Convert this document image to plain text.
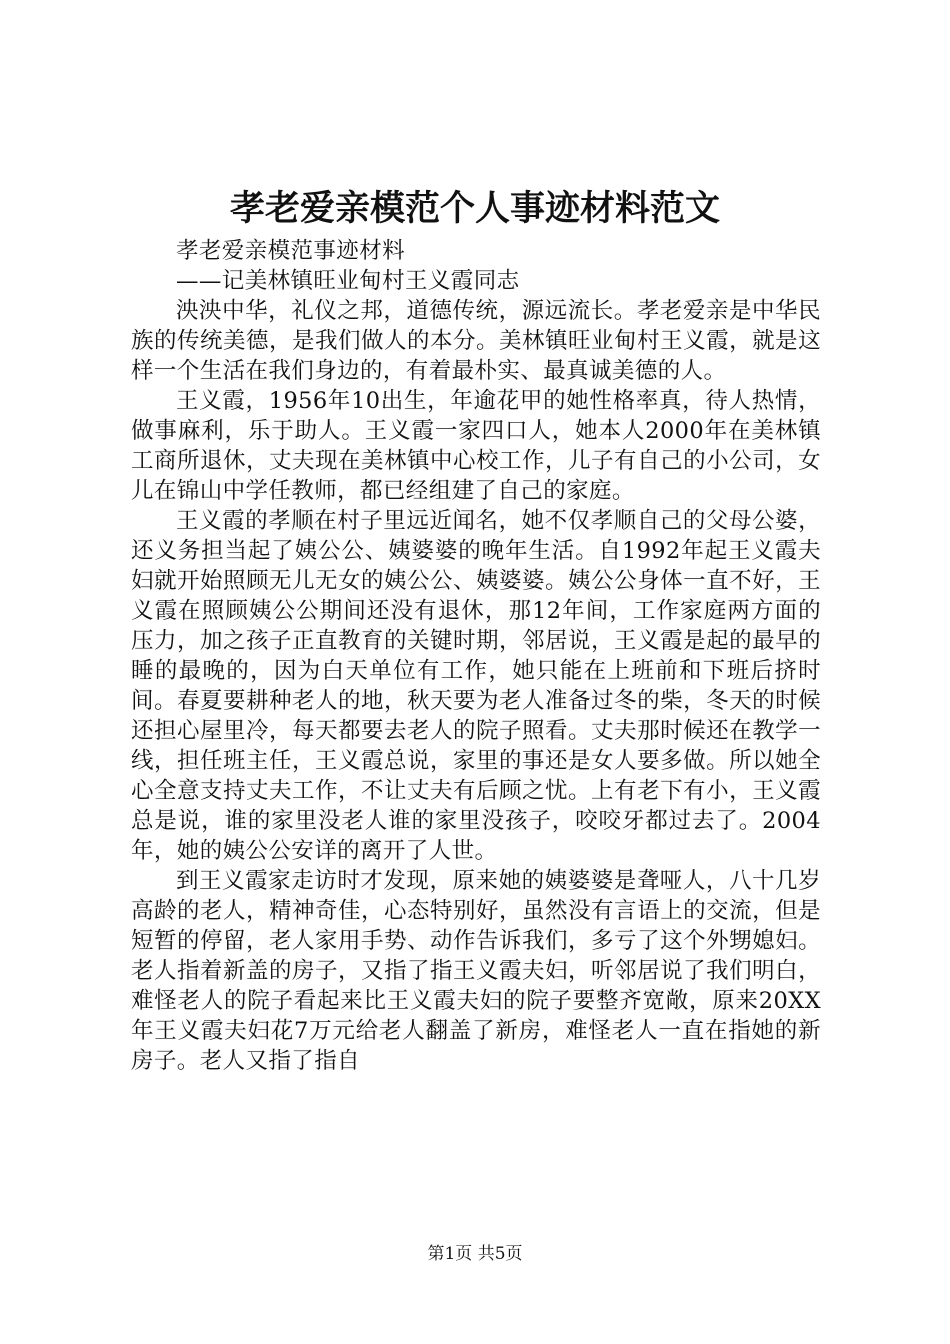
孝老爱亲模范个人事迹材料范文

孝老爱亲模范事迹材料

——记美林镇旺业甸村王义霞同志

泱泱中华，礼仪之邦，道德传统，源远流长。孝老爱亲是中华民族的传统美德，是我们做人的本分。美林镇旺业甸村王义霞，就是这样一个生活在我们身边的，有着最朴实、最真诚美德的人。

王义霞，1956年10出生，年逾花甲的她性格率真，待人热情，做事麻利，乐于助人。王义霞一家四口人，她本人2000年在美林镇工商所退休，丈夫现在美林镇中心校工作，儿子有自己的小公司，女儿在锦山中学任教师，都已经组建了自己的家庭。

王义霞的孝顺在村子里远近闻名，她不仅孝顺自己的父母公婆，还义务担当起了姨公公、姨婆婆的晚年生活。自1992年起王义霞夫妇就开始照顾无儿无女的姨公公、姨婆婆。姨公公身体一直不好，王义霞在照顾姨公公期间还没有退休，那12年间，工作家庭两方面的压力，加之孩子正直教育的关键时期，邻居说，王义霞是起的最早的睡的最晚的，因为白天单位有工作，她只能在上班前和下班后挤时间。春夏要耕种老人的地，秋天要为老人准备过冬的柴，冬天的时候还担心屋里冷，每天都要去老人的院子照看。丈夫那时候还在教学一线，担任班主任，王义霞总说，家里的事还是女人要多做。所以她全心全意支持丈夫工作，不让丈夫有后顾之忧。上有老下有小，王义霞总是说，谁的家里没老人谁的家里没孩子，咬咬牙都过去了。2004年，她的姨公公安详的离开了人世。

到王义霞家走访时才发现，原来她的姨婆婆是聋哑人，八十几岁高龄的老人，精神奇佳，心态特别好，虽然没有言语上的交流，但是短暂的停留，老人家用手势、动作告诉我们，多亏了这个外甥媳妇。老人指着新盖的房子，又指了指王义霞夫妇，听邻居说了我们明白，难怪老人的院子看起来比王义霞夫妇的院子要整齐宽敞，原来20XX年王义霞夫妇花7万元给老人翻盖了新房，难怪老人一直在指她的新房子。老人又指了指自

第1页 共5页
